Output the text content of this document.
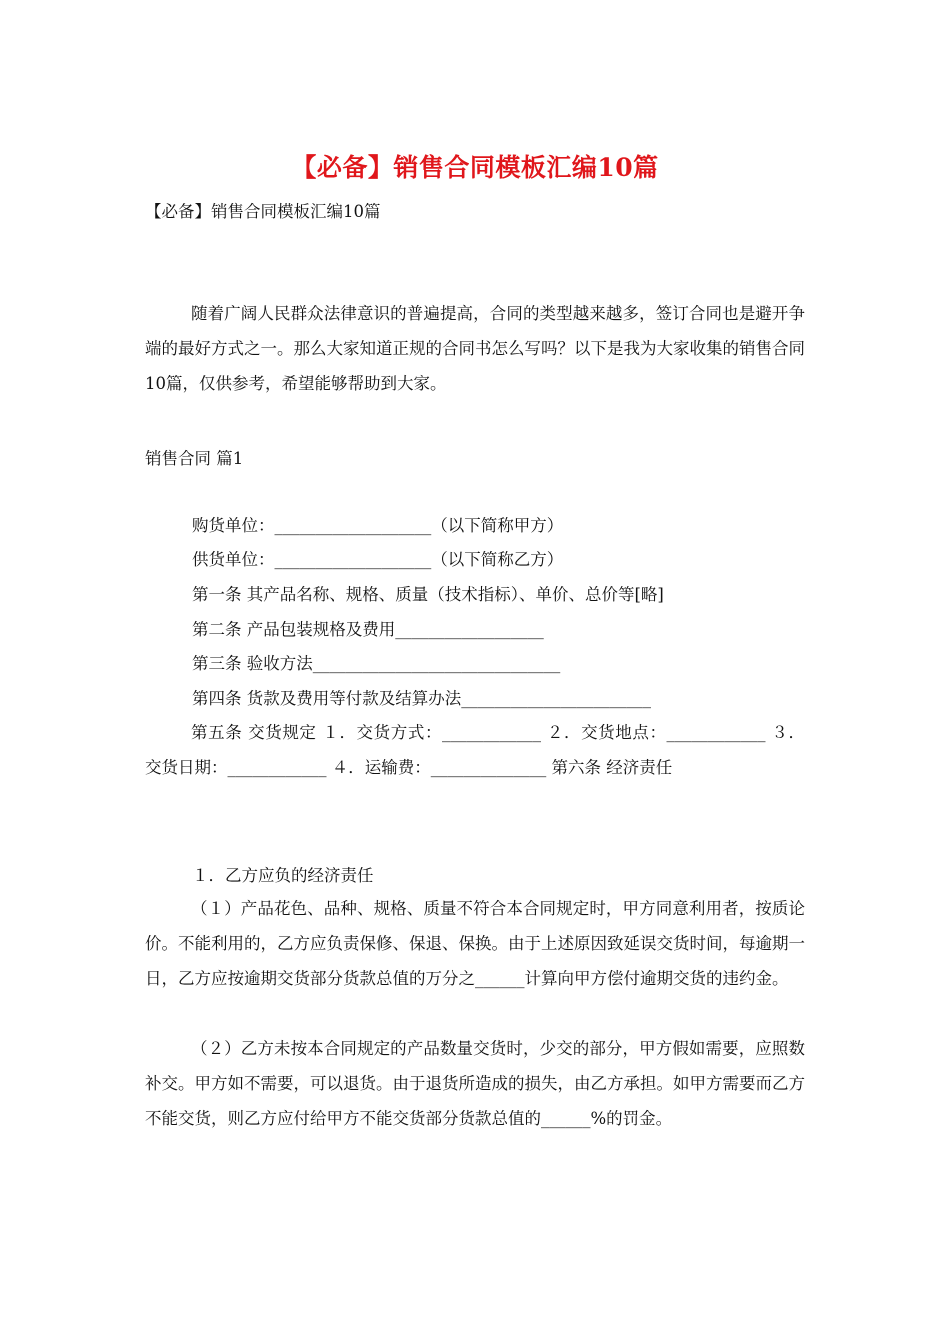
【必备】销售合同模板汇编10篇
【必备】销售合同模板汇编10篇
随着广阔人民群众法律意识的普遍提高，合同的类型越来越多，签订合同也是避开争端的最好方式之一。那么大家知道正规的合同书怎么写吗？以下是我为大家收集的销售合同10篇，仅供参考，希望能够帮助到大家。
销售合同 篇1
购货单位：___________________（以下简称甲方）
供货单位：___________________（以下简称乙方）
第一条 其产品名称、规格、质量（技术指标）、单价、总价等[略]
第二条 产品包装规格及费用__________________
第三条 验收方法______________________________
第四条 货款及费用等付款及结算办法_______________________
第五条 交货规定 １．交货方式：____________ ２．交货地点：____________ ３．交货日期：____________ ４．运输费：______________ 第六条 经济责任
１．乙方应负的经济责任
（１）产品花色、品种、规格、质量不符合本合同规定时，甲方同意利用者，按质论价。不能利用的，乙方应负责保修、保退、保换。由于上述原因致延误交货时间，每逾期一日，乙方应按逾期交货部分货款总值的万分之______计算向甲方偿付逾期交货的违约金。
（２）乙方未按本合同规定的产品数量交货时，少交的部分，甲方假如需要，应照数补交。甲方如不需要，可以退货。由于退货所造成的损失，由乙方承担。如甲方需要而乙方不能交货，则乙方应付给甲方不能交货部分货款总值的______%的罚金。
